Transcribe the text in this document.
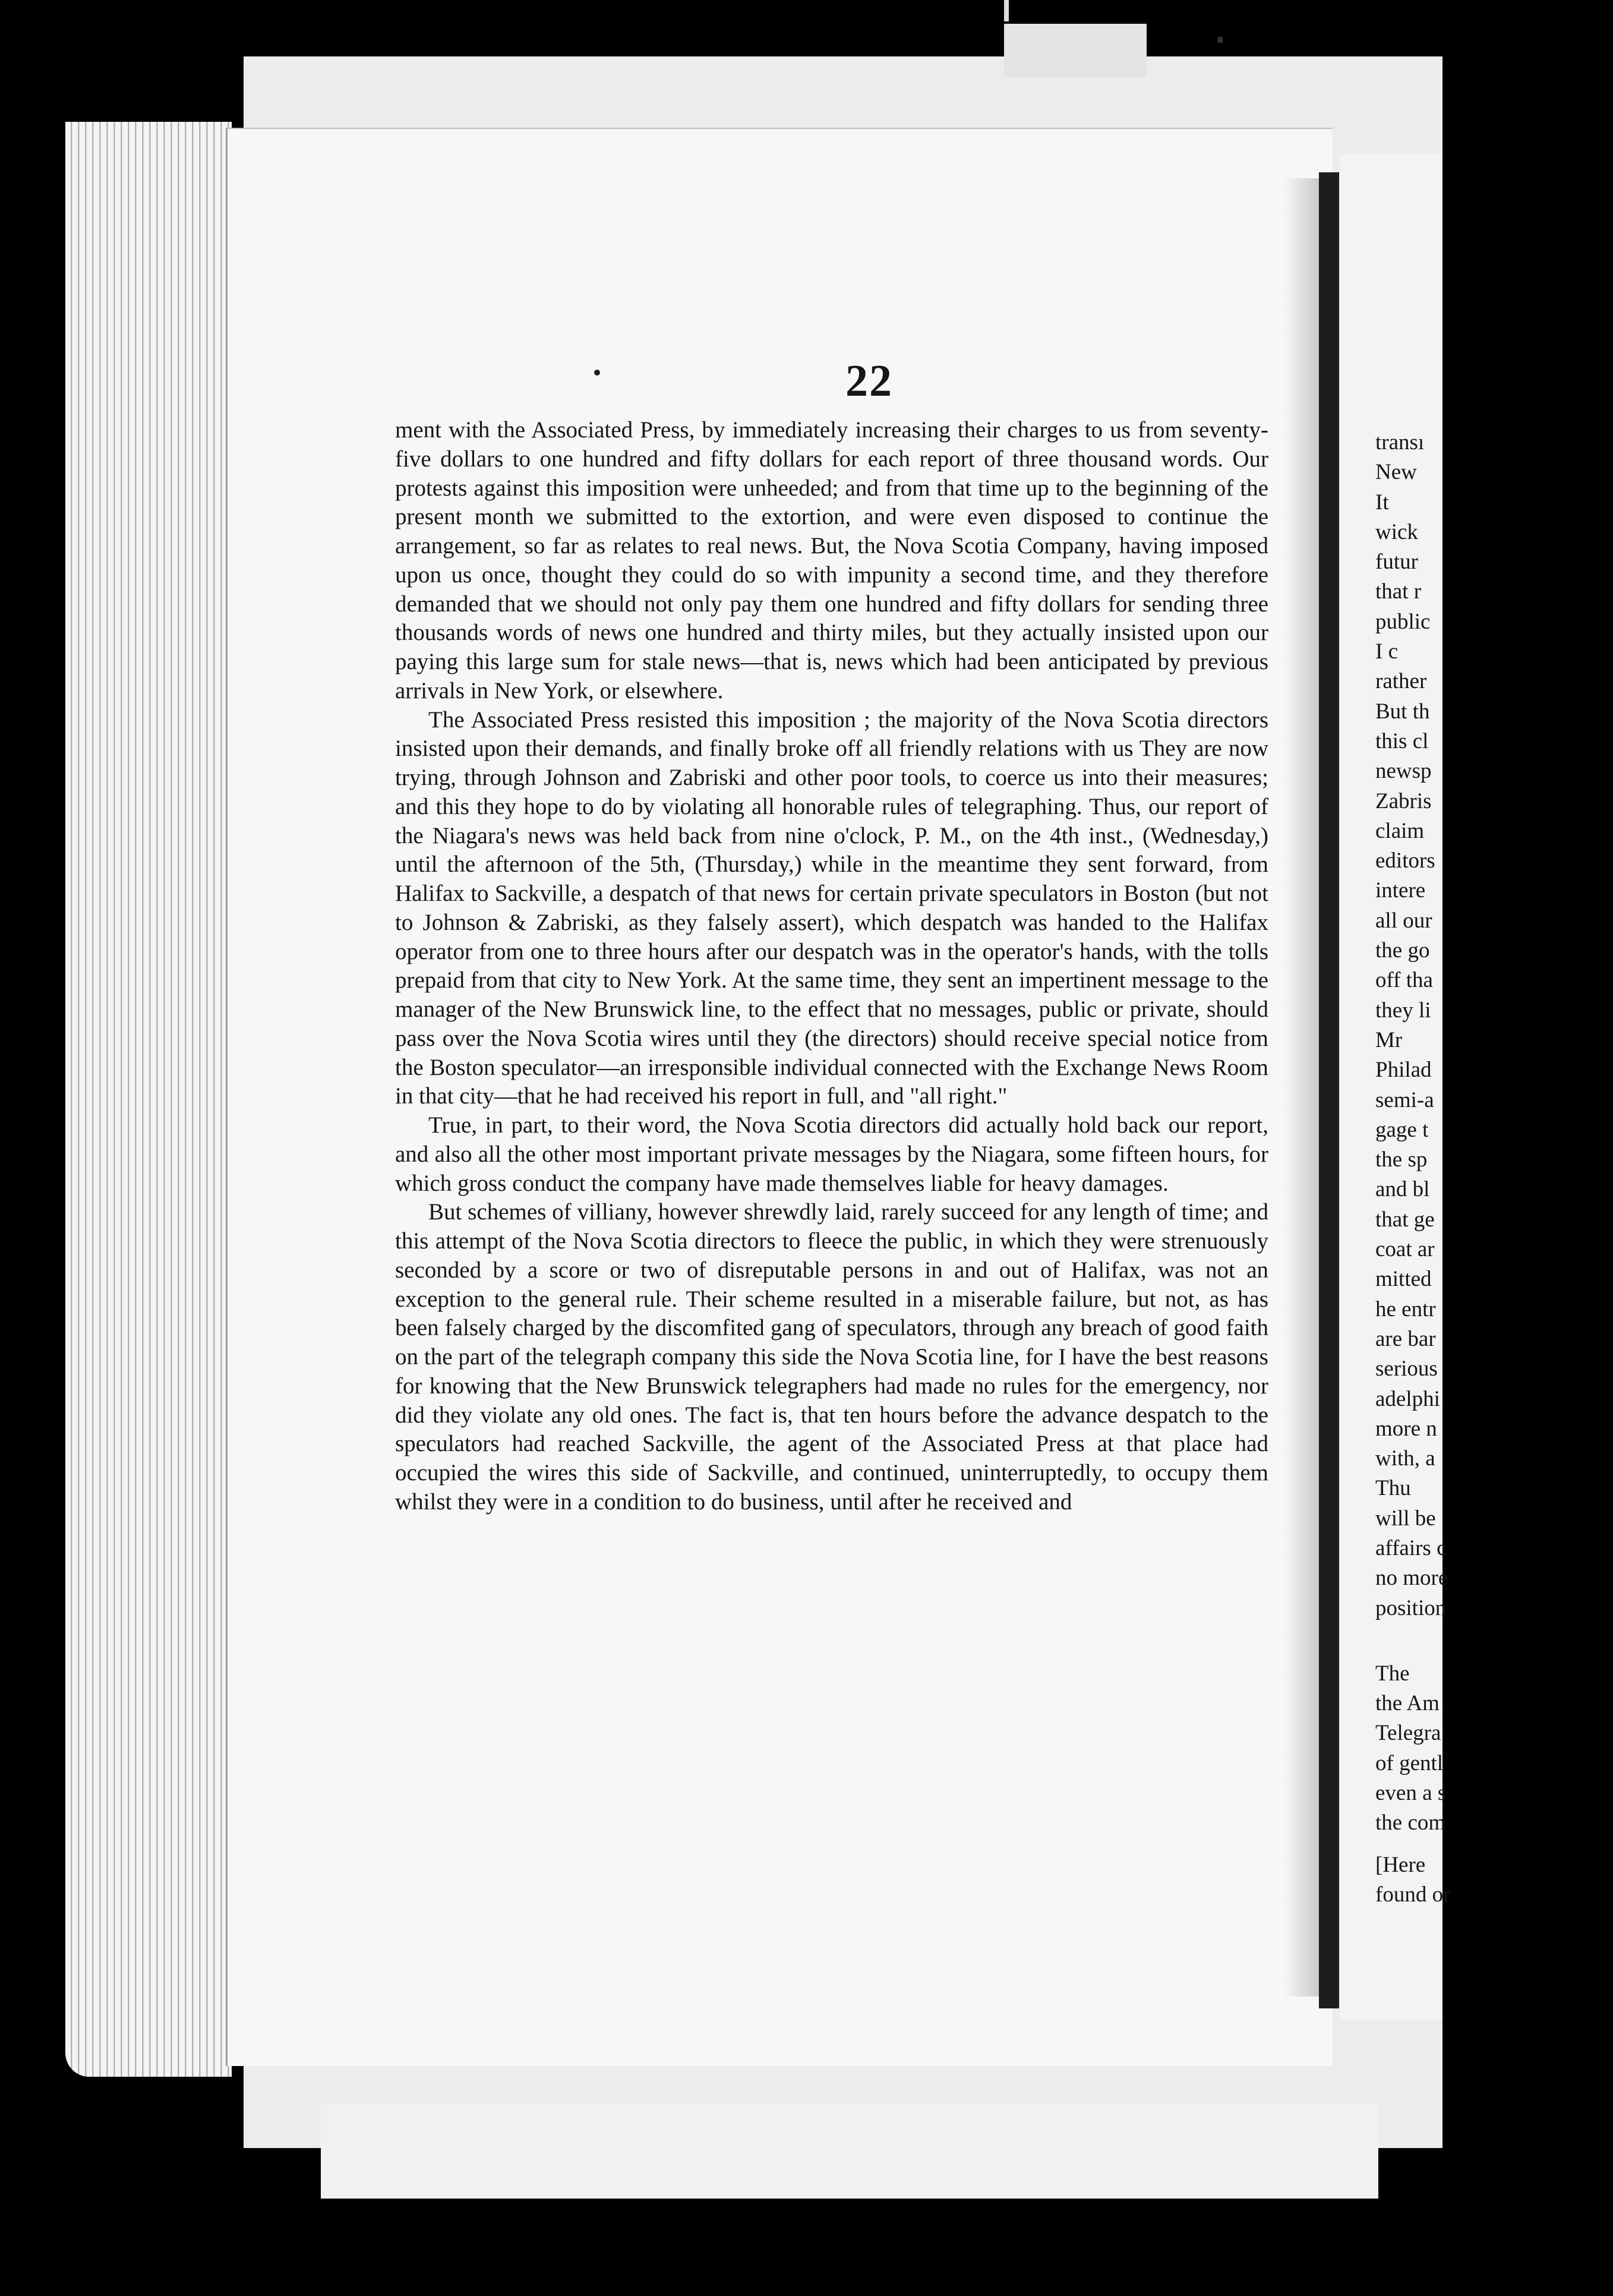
transı
New
It
wick
futur
that r
public
I c
rather
But th
this cl
newsp
Zabris
claim
editors
intere
all our
the go
off tha
they li
Mr
Philad
semi-a
gage t
the sp
and bl
that ge
coat ar
mitted
he entr
are bar
serious
adelphi
more n
with, a
Thu
will be
affairs c
no more
position
The
the Am
Telegra
of gentl
even a s
the com
[Here
found or
22

ment with the Associated Press, by immediately increasing their charges to us from seventy-five dollars to one hundred and fifty dollars for each report of three thousand words. Our protests against this imposition were unheeded; and from that time up to the beginning of the present month we submitted to the extortion, and were even disposed to continue the arrangement, so far as relates to real news. But, the Nova Scotia Company, having imposed upon us once, thought they could do so with impunity a second time, and they therefore demanded that we should not only pay them one hundred and fifty dollars for sending three thousands words of news one hundred and thirty miles, but they actually insisted upon our paying this large sum for stale news—that is, news which had been anticipated by previous arrivals in New York, or elsewhere.

The Associated Press resisted this imposition ; the majority of the Nova Scotia directors insisted upon their demands, and finally broke off all friendly relations with us They are now trying, through Johnson and Zabriski and other poor tools, to coerce us into their measures; and this they hope to do by violating all honorable rules of telegraphing. Thus, our report of the Niagara's news was held back from nine o'clock, P. M., on the 4th inst., (Wednesday,) until the afternoon of the 5th, (Thursday,) while in the meantime they sent forward, from Halifax to Sackville, a despatch of that news for certain private speculators in Boston (but not to Johnson & Zabriski, as they falsely assert), which despatch was handed to the Halifax operator from one to three hours after our despatch was in the operator's hands, with the tolls prepaid from that city to New York. At the same time, they sent an impertinent message to the manager of the New Brunswick line, to the effect that no messages, public or private, should pass over the Nova Scotia wires until they (the directors) should receive special notice from the Boston speculator—an irresponsible individual connected with the Exchange News Room in that city—that he had received his report in full, and "all right."

True, in part, to their word, the Nova Scotia directors did actually hold back our report, and also all the other most important private messages by the Niagara, some fifteen hours, for which gross conduct the company have made themselves liable for heavy damages.

But schemes of villiany, however shrewdly laid, rarely succeed for any length of time; and this attempt of the Nova Scotia directors to fleece the public, in which they were strenuously seconded by a score or two of disreputable persons in and out of Halifax, was not an exception to the general rule. Their scheme resulted in a miserable failure, but not, as has been falsely charged by the discomfited gang of speculators, through any breach of good faith on the part of the telegraph company this side the Nova Scotia line, for I have the best reasons for knowing that the New Brunswick telegraphers had made no rules for the emergency, nor did they violate any old ones. The fact is, that ten hours before the advance despatch to the speculators had reached Sackville, the agent of the Associated Press at that place had occupied the wires this side of Sackville, and continued, uninterruptedly, to occupy them whilst they were in a condition to do business, until after he received and
